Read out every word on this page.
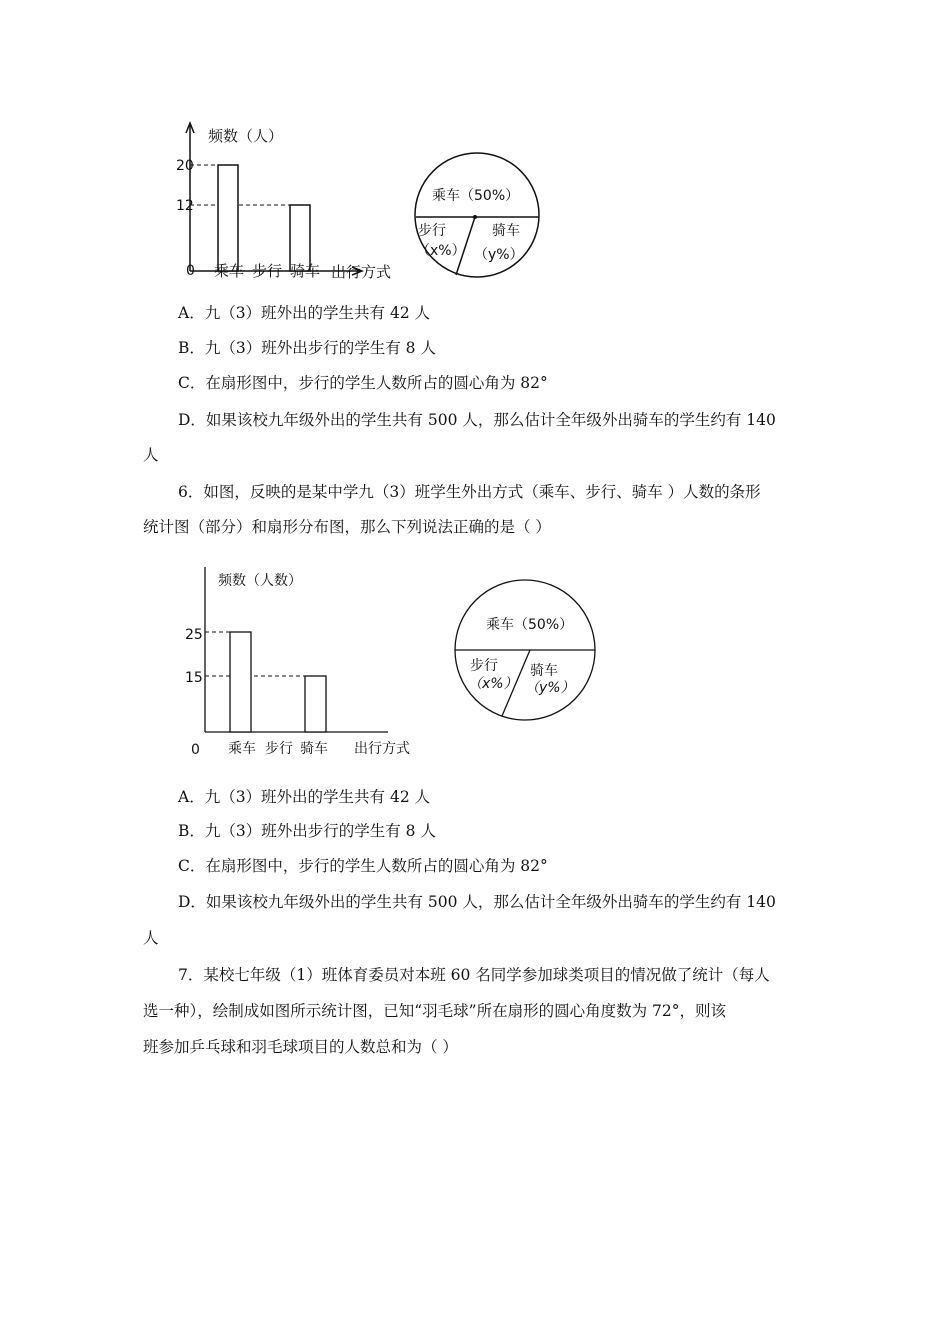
频数（人）
20
12
0 乘车 步行 骑车 出行方式
乘车（50%）
步行
（x%）
骑车
（y%）
A．九（3）班外出的学生共有 42 人
B．九（3）班外出步行的学生有 8 人
C．在扇形图中，步行的学生人数所占的圆心角为 82°
D．如果该校九年级外出的学生共有 500 人，那么估计全年级外出骑车的学生约有 140
人
6．如图，反映的是某中学九（3）班学生外出方式（乘车、步行、骑车 ）人数的条形
统计图（部分）和扇形分布图，那么下列说法正确的是（ ）
频数（人数）
25
15
0 乘车 步行 骑车 出行方式
乘车（50%）
步行
（x%）
骑车
（y%）
A．九（3）班外出的学生共有 42 人
B．九（3）班外出步行的学生有 8 人
C．在扇形图中，步行的学生人数所占的圆心角为 82°
D．如果该校九年级外出的学生共有 500 人，那么估计全年级外出骑车的学生约有 140
人
7．某校七年级（1）班体育委员对本班 60 名同学参加球类项目的情况做了统计（每人
选一种），绘制成如图所示统计图，已知“羽毛球”所在扇形的圆心角度数为 72°，则该
班参加乒乓球和羽毛球项目的人数总和为（ ）
